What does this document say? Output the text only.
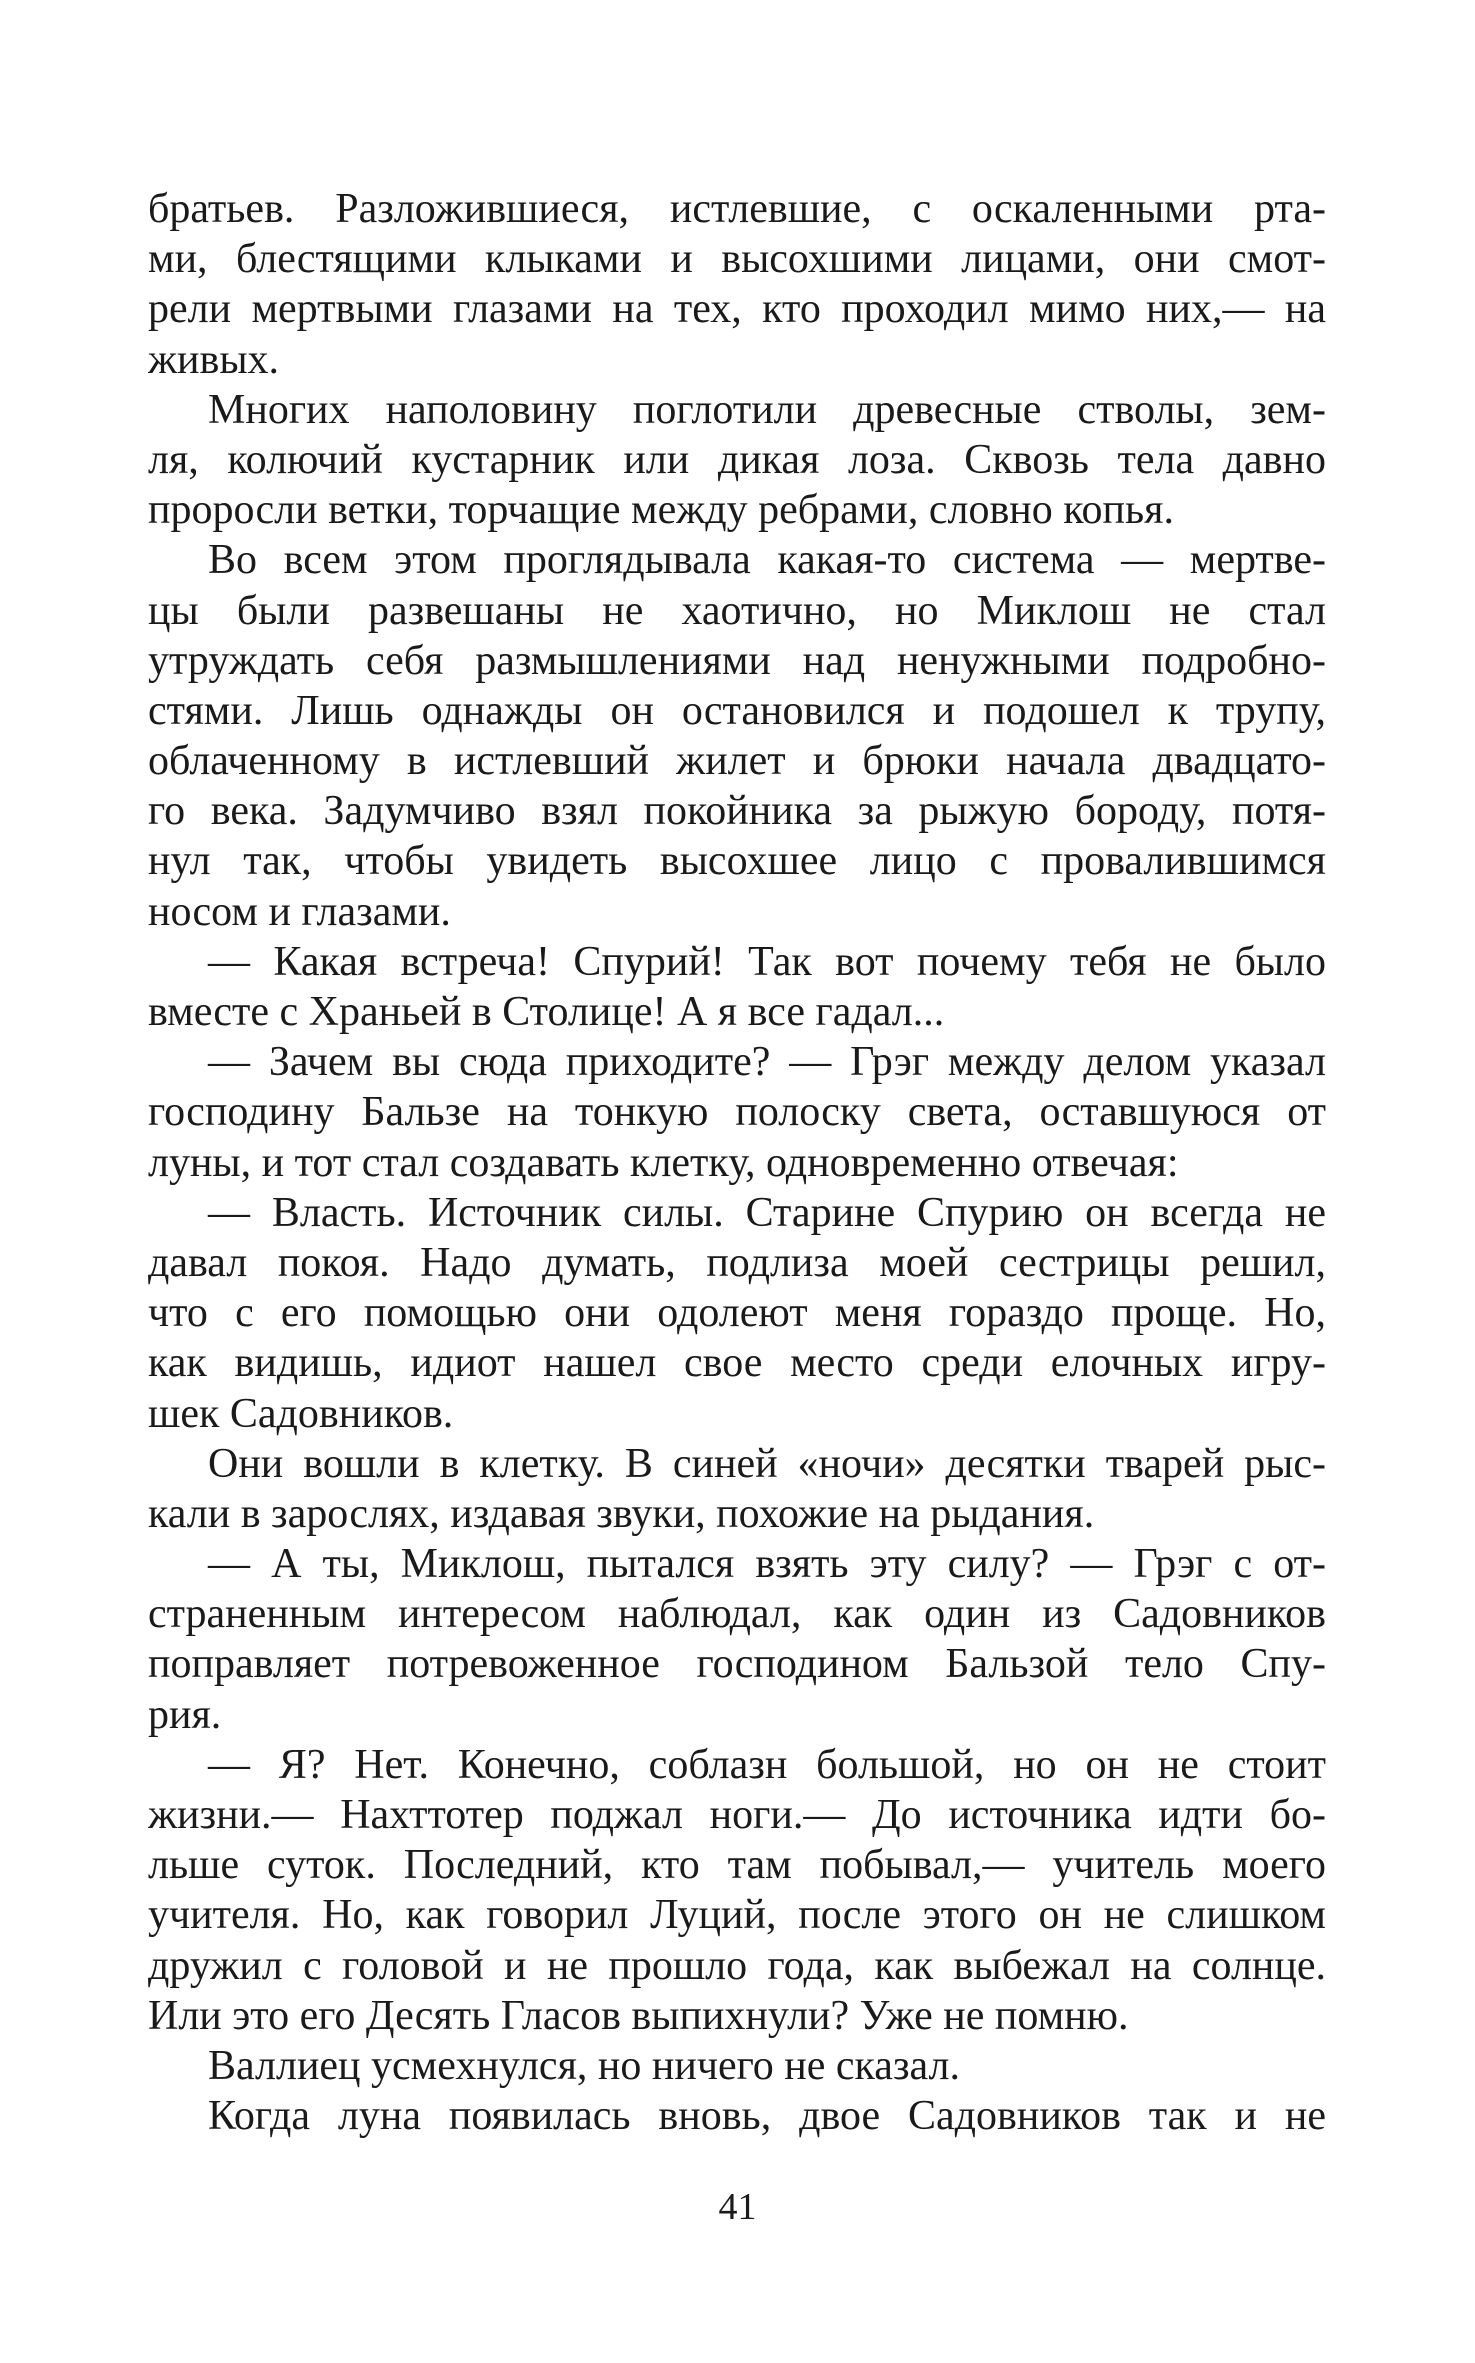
братьев. Разложившиеся, истлевшие, с оскаленными рта-
ми, блестящими клыками и высохшими лицами, они смот-
рели мертвыми глазами на тех, кто проходил мимо них,— на
живых.
Многих наполовину поглотили древесные стволы, зем-
ля, колючий кустарник или дикая лоза. Сквозь тела давно
проросли ветки, торчащие между ребрами, словно копья.
Во всем этом проглядывала какая-то система — мертве-
цы были развешаны не хаотично, но Миклош не стал
утруждать себя размышлениями над ненужными подробно-
стями. Лишь однажды он остановился и подошел к трупу,
облаченному в истлевший жилет и брюки начала двадцато-
го века. Задумчиво взял покойника за рыжую бороду, потя-
нул так, чтобы увидеть высохшее лицо с провалившимся
носом и глазами.
— Какая встреча! Спурий! Так вот почему тебя не было
вместе с Храньей в Столице! А я все гадал...
— Зачем вы сюда приходите? — Грэг между делом указал
господину Бальзе на тонкую полоску света, оставшуюся от
луны, и тот стал создавать клетку, одновременно отвечая:
— Власть. Источник силы. Старине Спурию он всегда не
давал покоя. Надо думать, подлиза моей сестрицы решил,
что с его помощью они одолеют меня гораздо проще. Но,
как видишь, идиот нашел свое место среди елочных игру-
шек Садовников.
Они вошли в клетку. В синей «ночи» десятки тварей рыс-
кали в зарослях, издавая звуки, похожие на рыдания.
— А ты, Миклош, пытался взять эту силу? — Грэг с от-
страненным интересом наблюдал, как один из Садовников
поправляет потревоженное господином Бальзой тело Спу-
рия.
— Я? Нет. Конечно, соблазн большой, но он не стоит
жизни.— Нахттотер поджал ноги.— До источника идти бо-
льше суток. Последний, кто там побывал,— учитель моего
учителя. Но, как говорил Луций, после этого он не слишком
дружил с головой и не прошло года, как выбежал на солнце.
Или это его Десять Гласов выпихнули? Уже не помню.
Валлиец усмехнулся, но ничего не сказал.
Когда луна появилась вновь, двое Садовников так и не
41
